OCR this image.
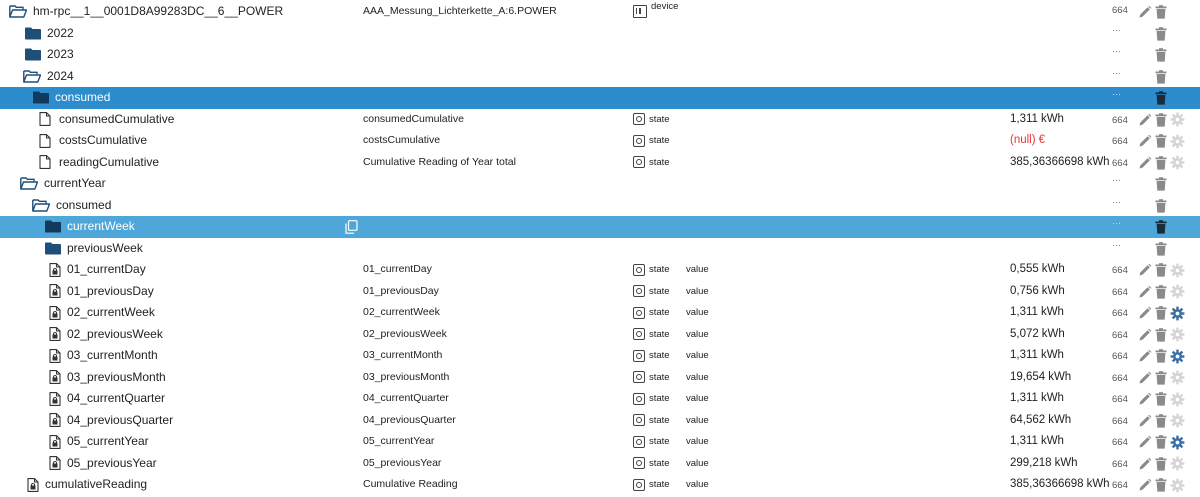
hm-rpc__1__0001D8A99283DC__6__POWER	AAA_Messung_Lichterkette_A:6.POWER	device	664
2022	···
2023	···
2024	···
consumed	···
consumedCumulative	consumedCumulative	state	1,311 kWh	664
costsCumulative	costsCumulative	state	(null) €	664
readingCumulative	Cumulative Reading of Year total	state	385,36366698 kWh 664
currentYear	···
consumed	···
currentWeek	···
previousWeek	···
01_currentDay	01_currentDay	state value	0,555 kWh	664
01_previousDay	01_previousDay	state value	0,756 kWh	664
02_currentWeek	02_currentWeek	state value	1,311 kWh	664
02_previousWeek	02_previousWeek	state value	5,072 kWh	664
03_currentMonth	03_currentMonth	state value	1,311 kWh	664
03_previousMonth	03_previousMonth	state value	19,654 kWh	664
04_currentQuarter	04_currentQuarter	state value	1,311 kWh	664
04_previousQuarter	04_previousQuarter	state value	64,562 kWh	664
05_currentYear	05_currentYear	state value	1,311 kWh	664
05_previousYear	05_previousYear	state value	299,218 kWh	664
cumulativeReading	Cumulative Reading	state value	385,36366698 kWh 664
